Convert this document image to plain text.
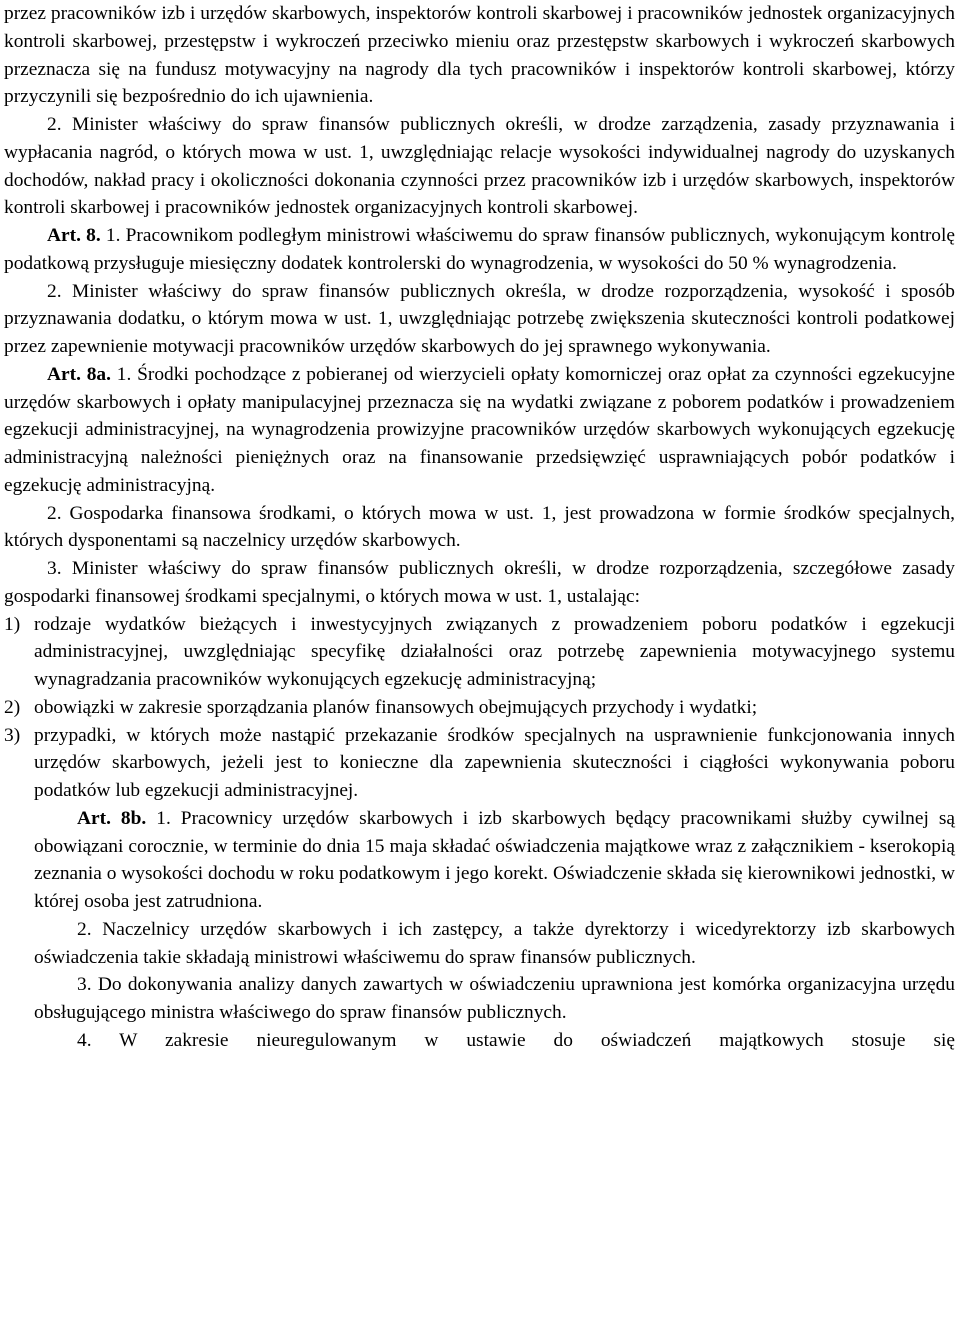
przez pracowników izb i urzędów skarbowych, inspektorów kontroli skarbowej i pracowników jednostek organizacyjnych kontroli skarbowej, przestępstw i wykroczeń przeciwko mieniu oraz przestępstw skarbowych i wykroczeń skarbowych przeznacza się na fundusz motywacyjny na nagrody dla tych pracowników i inspektorów kontroli skarbowej, którzy przyczynili się bezpośrednio do ich ujawnienia.

2. Minister właściwy do spraw finansów publicznych określi, w drodze zarządzenia, zasady przyznawania i wypłacania nagród, o których mowa w ust. 1, uwzględniając relacje wysokości indywidualnej nagrody do uzyskanych dochodów, nakład pracy i okoliczności dokonania czynności przez pracowników izb i urzędów skarbowych, inspektorów kontroli skarbowej i pracowników jednostek organizacyjnych kontroli skarbowej.

Art. 8. 1. Pracownikom podległym ministrowi właściwemu do spraw finansów publicznych, wykonującym kontrolę podatkową przysługuje miesięczny dodatek kontrolerski do wynagrodzenia, w wysokości do 50 % wynagrodzenia.

2. Minister właściwy do spraw finansów publicznych określa, w drodze rozporządzenia, wysokość i sposób przyznawania dodatku, o którym mowa w ust. 1, uwzględniając potrzebę zwiększenia skuteczności kontroli podatkowej przez zapewnienie motywacji pracowników urzędów skarbowych do jej sprawnego wykonywania.

Art. 8a. 1. Środki pochodzące z pobieranej od wierzycieli opłaty komorniczej oraz opłat za czynności egzekucyjne urzędów skarbowych i opłaty manipulacyjnej przeznacza się na wydatki związane z poborem podatków i prowadzeniem egzekucji administracyjnej, na wynagrodzenia prowizyjne pracowników urzędów skarbowych wykonujących egzekucję administracyjną należności pieniężnych oraz na finansowanie przedsięwzięć usprawniających pobór podatków i egzekucję administracyjną.

2. Gospodarka finansowa środkami, o których mowa w ust. 1, jest prowadzona w formie środków specjalnych, których dysponentami są naczelnicy urzędów skarbowych.

3. Minister właściwy do spraw finansów publicznych określi, w drodze rozporządzenia, szczegółowe zasady gospodarki finansowej środkami specjalnymi, o których mowa w ust. 1, ustalając:

1) rodzaje wydatków bieżących i inwestycyjnych związanych z prowadzeniem poboru podatków i egzekucji administracyjnej, uwzględniając specyfikę działalności oraz potrzebę zapewnienia motywacyjnego systemu wynagradzania pracowników wykonujących egzekucję administracyjną;
2) obowiązki w zakresie sporządzania planów finansowych obejmujących przychody i wydatki;
3) przypadki, w których może nastąpić przekazanie środków specjalnych na usprawnienie funkcjonowania innych urzędów skarbowych, jeżeli jest to konieczne dla zapewnienia skuteczności i ciągłości wykonywania poboru podatków lub egzekucji administracyjnej.

Art. 8b. 1. Pracownicy urzędów skarbowych i izb skarbowych będący pracownikami służby cywilnej są obowiązani corocznie, w terminie do dnia 15 maja składać oświadczenia majątkowe wraz z załącznikiem - kserokopią zeznania o wysokości dochodu w roku podatkowym i jego korekt. Oświadczenie składa się kierownikowi jednostki, w której osoba jest zatrudniona.

2. Naczelnicy urzędów skarbowych i ich zastępcy, a także dyrektorzy i wicedyrektorzy izb skarbowych oświadczenia takie składają ministrowi właściwemu do spraw finansów publicznych.

3. Do dokonywania analizy danych zawartych w oświadczeniu uprawniona jest komórka organizacyjna urzędu obsługującego ministra właściwego do spraw finansów publicznych.

4. W zakresie nieuregulowanym w ustawie do oświadczeń majątkowych stosuje się
